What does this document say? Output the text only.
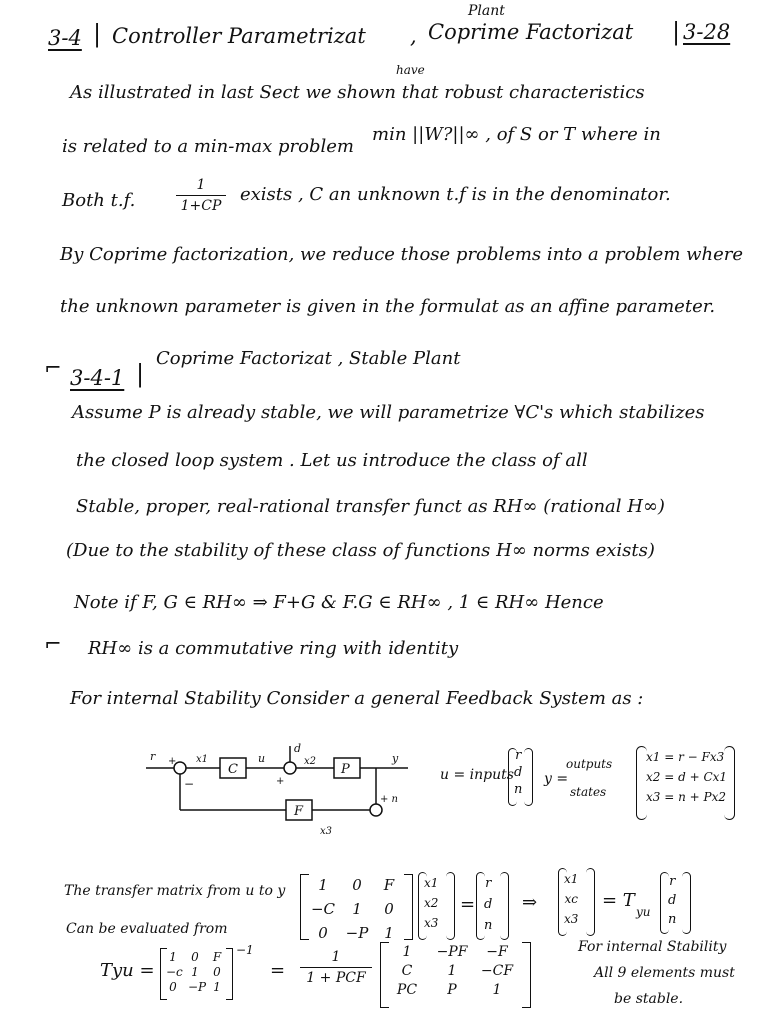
3-4 | Controller Parametrizat ,
Plant
Coprime Factorizat | 3-28
have
As illustrated in last Sect we shown that robust characteristics
is related to a min-max problem
min ||W?||∞ , of S or T where in
Both t.f.
1
1+CP
exists , C an unknown t.f is in the denominator.
By Coprime factorization, we reduce those problems into a problem where
the unknown parameter is given in the formulat as an affine parameter.
⌐ 3-4-1 |
Coprime Factorizat , Stable Plant
Assume P is already stable, we will parametrize ∀C's which stabilizes
the closed loop system . Let us introduce the class of all
Stable, proper, real-rational transfer funct as RH∞ (rational H∞)
(Due to the stability of these class of functions H∞ norms exists)
Note if F, G ∈ RH∞ ⇒ F+G & F.G ∈ RH∞ , 1 ∈ RH∞ Hence
⌐ RH∞ is a commutative ring with identity
For internal Stability Consider a general Feedback System as :
r	x1
C
u
d
x2
P
y
+ n
F
x3
+
−	+	u = inputs
r
d
n
y =
outputs
states
x1 = r − Fx3
x2 = d + Cx1
x3 = n + Px2
The transfer matrix from u to y
Can be evaluated from
1	0	F
−C	1	0
0	−P	1
x1
x2
x3
=
r
d
n
⇒
x1
xc
x3
= T
yu
r
d
n
Tyu =
1	0	F
−c 1	0
0 −P 1
−1
=
1
1 + PCF
1	−PF	−F
C	1	−CF
PC	P	1
For internal Stability
All 9 elements must
be stable.
